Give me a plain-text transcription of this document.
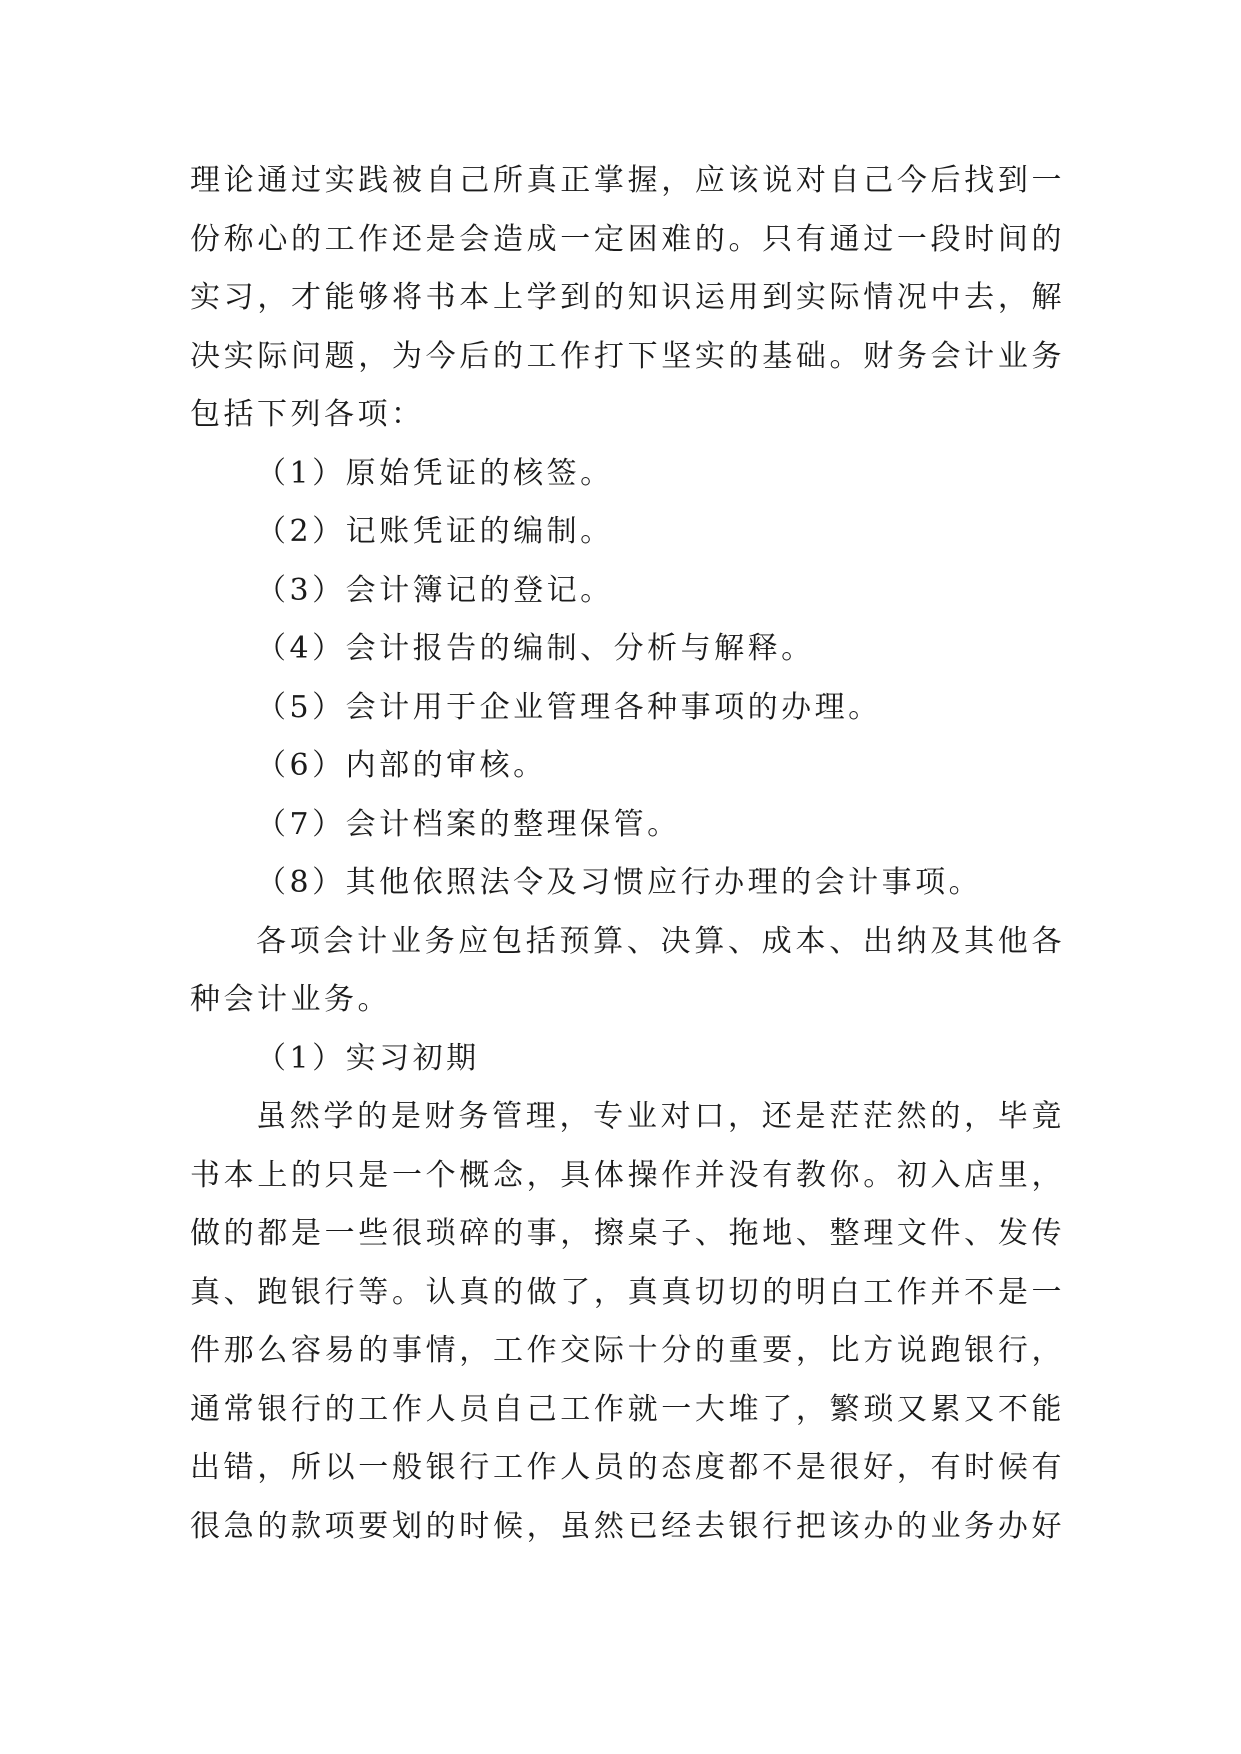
理论通过实践被自己所真正掌握，应该说对自己今后找到一
份称心的工作还是会造成一定困难的。只有通过一段时间的
实习，才能够将书本上学到的知识运用到实际情况中去，解
决实际问题，为今后的工作打下坚实的基础。财务会计业务
包括下列各项：
（1）原始凭证的核签。
（2）记账凭证的编制。
（3）会计簿记的登记。
（4）会计报告的编制、分析与解释。
（5）会计用于企业管理各种事项的办理。
（6）内部的审核。
（7）会计档案的整理保管。
（8）其他依照法令及习惯应行办理的会计事项。
各项会计业务应包括预算、决算、成本、出纳及其他各
种会计业务。
（1）实习初期
虽然学的是财务管理，专业对口，还是茫茫然的，毕竟
书本上的只是一个概念，具体操作并没有教你。初入店里，
做的都是一些很琐碎的事，擦桌子、拖地、整理文件、发传
真、跑银行等。认真的做了，真真切切的明白工作并不是一
件那么容易的事情，工作交际十分的重要，比方说跑银行，
通常银行的工作人员自己工作就一大堆了，繁琐又累又不能
出错，所以一般银行工作人员的态度都不是很好，有时候有
很急的款项要划的时候，虽然已经去银行把该办的业务办好
